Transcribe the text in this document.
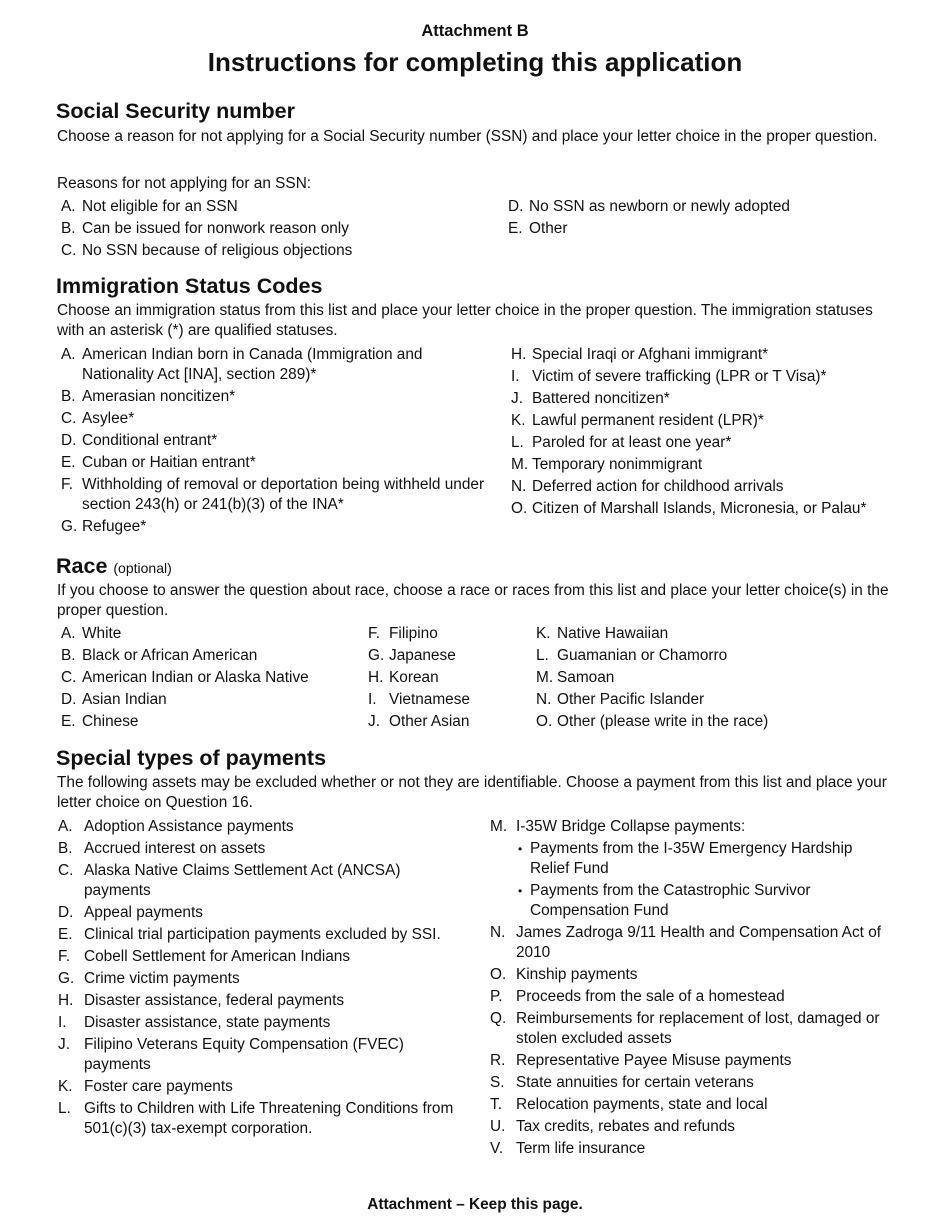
Attachment B
Instructions for completing this application
Social Security number
Choose a reason for not applying for a Social Security number (SSN) and place your letter choice in the proper question.
Reasons for not applying for an SSN:
A. Not eligible for an SSN
B. Can be issued for nonwork reason only
C. No SSN because of religious objections
D. No SSN as newborn or newly adopted
E. Other
Immigration Status Codes
Choose an immigration status from this list and place your letter choice in the proper question. The immigration statuses with an asterisk (*) are qualified statuses.
A. American Indian born in Canada (Immigration and Nationality Act [INA], section 289)*
B. Amerasian noncitizen*
C. Asylee*
D. Conditional entrant*
E. Cuban or Haitian entrant*
F. Withholding of removal or deportation being withheld under section 243(h) or 241(b)(3) of the INA*
G. Refugee*
H. Special Iraqi or Afghani immigrant*
I. Victim of severe trafficking (LPR or T Visa)*
J. Battered noncitizen*
K. Lawful permanent resident (LPR)*
L. Paroled for at least one year*
M. Temporary nonimmigrant
N. Deferred action for childhood arrivals
O. Citizen of Marshall Islands, Micronesia, or Palau*
Race (optional)
If you choose to answer the question about race, choose a race or races from this list and place your letter choice(s) in the proper question.
A. White
B. Black or African American
C. American Indian or Alaska Native
D. Asian Indian
E. Chinese
F. Filipino
G. Japanese
H. Korean
I. Vietnamese
J. Other Asian
K. Native Hawaiian
L. Guamanian or Chamorro
M. Samoan
N. Other Pacific Islander
O. Other (please write in the race)
Special types of payments
The following assets may be excluded whether or not they are identifiable. Choose a payment from this list and place your letter choice on Question 16.
A. Adoption Assistance payments
B. Accrued interest on assets
C. Alaska Native Claims Settlement Act (ANCSA) payments
D. Appeal payments
E. Clinical trial participation payments excluded by SSI.
F. Cobell Settlement for American Indians
G. Crime victim payments
H. Disaster assistance, federal payments
I. Disaster assistance, state payments
J. Filipino Veterans Equity Compensation (FVEC) payments
K. Foster care payments
L. Gifts to Children with Life Threatening Conditions from 501(c)(3) tax-exempt corporation.
M. I-35W Bridge Collapse payments:
• Payments from the I-35W Emergency Hardship Relief Fund
• Payments from the Catastrophic Survivor Compensation Fund
N. James Zadroga 9/11 Health and Compensation Act of 2010
O. Kinship payments
P. Proceeds from the sale of a homestead
Q. Reimbursements for replacement of lost, damaged or stolen excluded assets
R. Representative Payee Misuse payments
S. State annuities for certain veterans
T. Relocation payments, state and local
U. Tax credits, rebates and refunds
V. Term life insurance
Attachment – Keep this page.
